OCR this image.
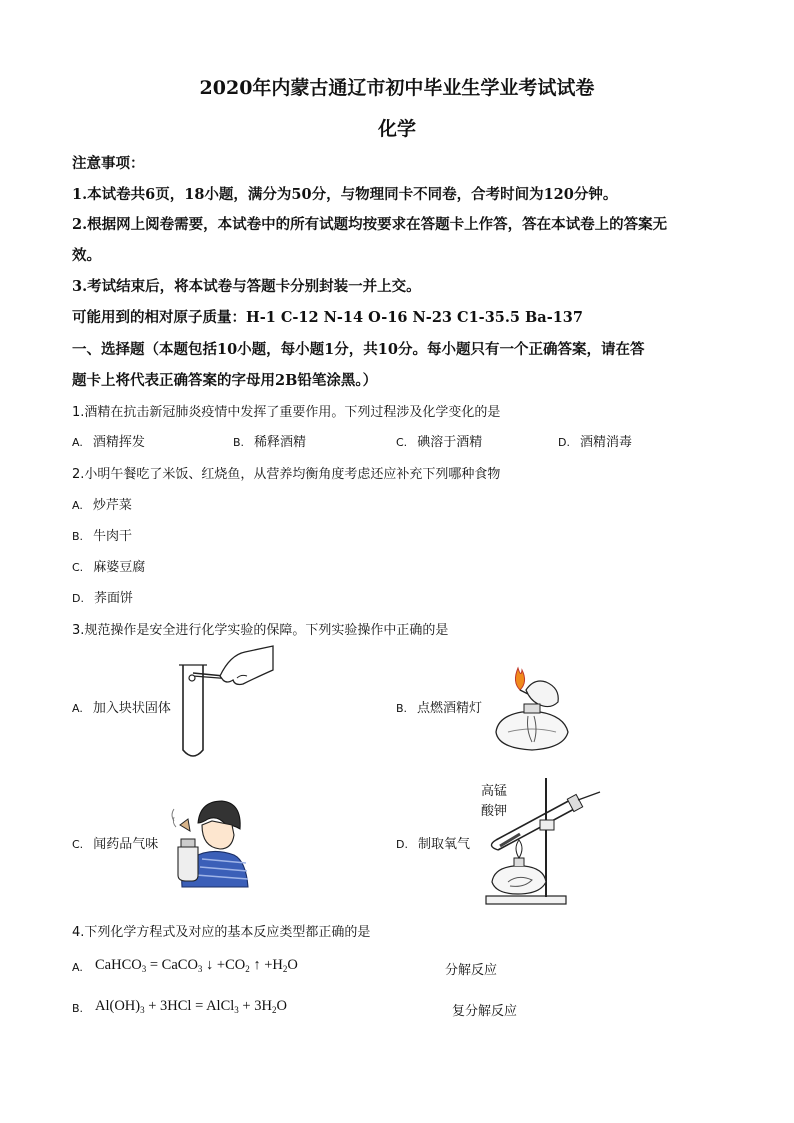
2020年内蒙古通辽市初中毕业生学业考试试卷
化学
注意事项：
1.本试卷共6页，18小题，满分为50分，与物理同卡不同卷，合考时间为120分钟。
2.根据网上阅卷需要，本试卷中的所有试题均按要求在答题卡上作答，答在本试卷上的答案无
效。
3.考试结束后，将本试卷与答题卡分别封装一并上交。
可能用到的相对原子质量：H-1 C-12 N-14 O-16 N-23 C1-35.5 Ba-137
一、选择题（本题包括10小题，每小题1分，共10分。每小题只有一个正确答案，请在答
题卡上将代表正确答案的字母用2B铅笔涂黑。）
1.酒精在抗击新冠肺炎疫情中发挥了重要作用。下列过程涉及化学变化的是
A. 酒精挥发	B. 稀释酒精	C. 碘溶于酒精	D. 酒精消毒
2.小明午餐吃了米饭、红烧鱼，从营养均衡角度考虑还应补充下列哪种食物
A. 炒芹菜
B. 牛肉干
C. 麻婆豆腐
D. 荞面饼
3.规范操作是安全进行化学实验的保障。下列实验操作中正确的是
A. 加入块状固体	B. 点燃酒精灯
C. 闻药品气味	D. 制取氧气
高锰
酸钾
4.下列化学方程式及对应的基本反应类型都正确的是
A. CaHCO$_3$ = CaCO$_3$ ↓ $+CO_2$ ↑ $+H_2O$	分解反应
B. $Al(OH)_3 + 3HCl$ = AlCl$_3$ + $3H_2O$	复分解反应
